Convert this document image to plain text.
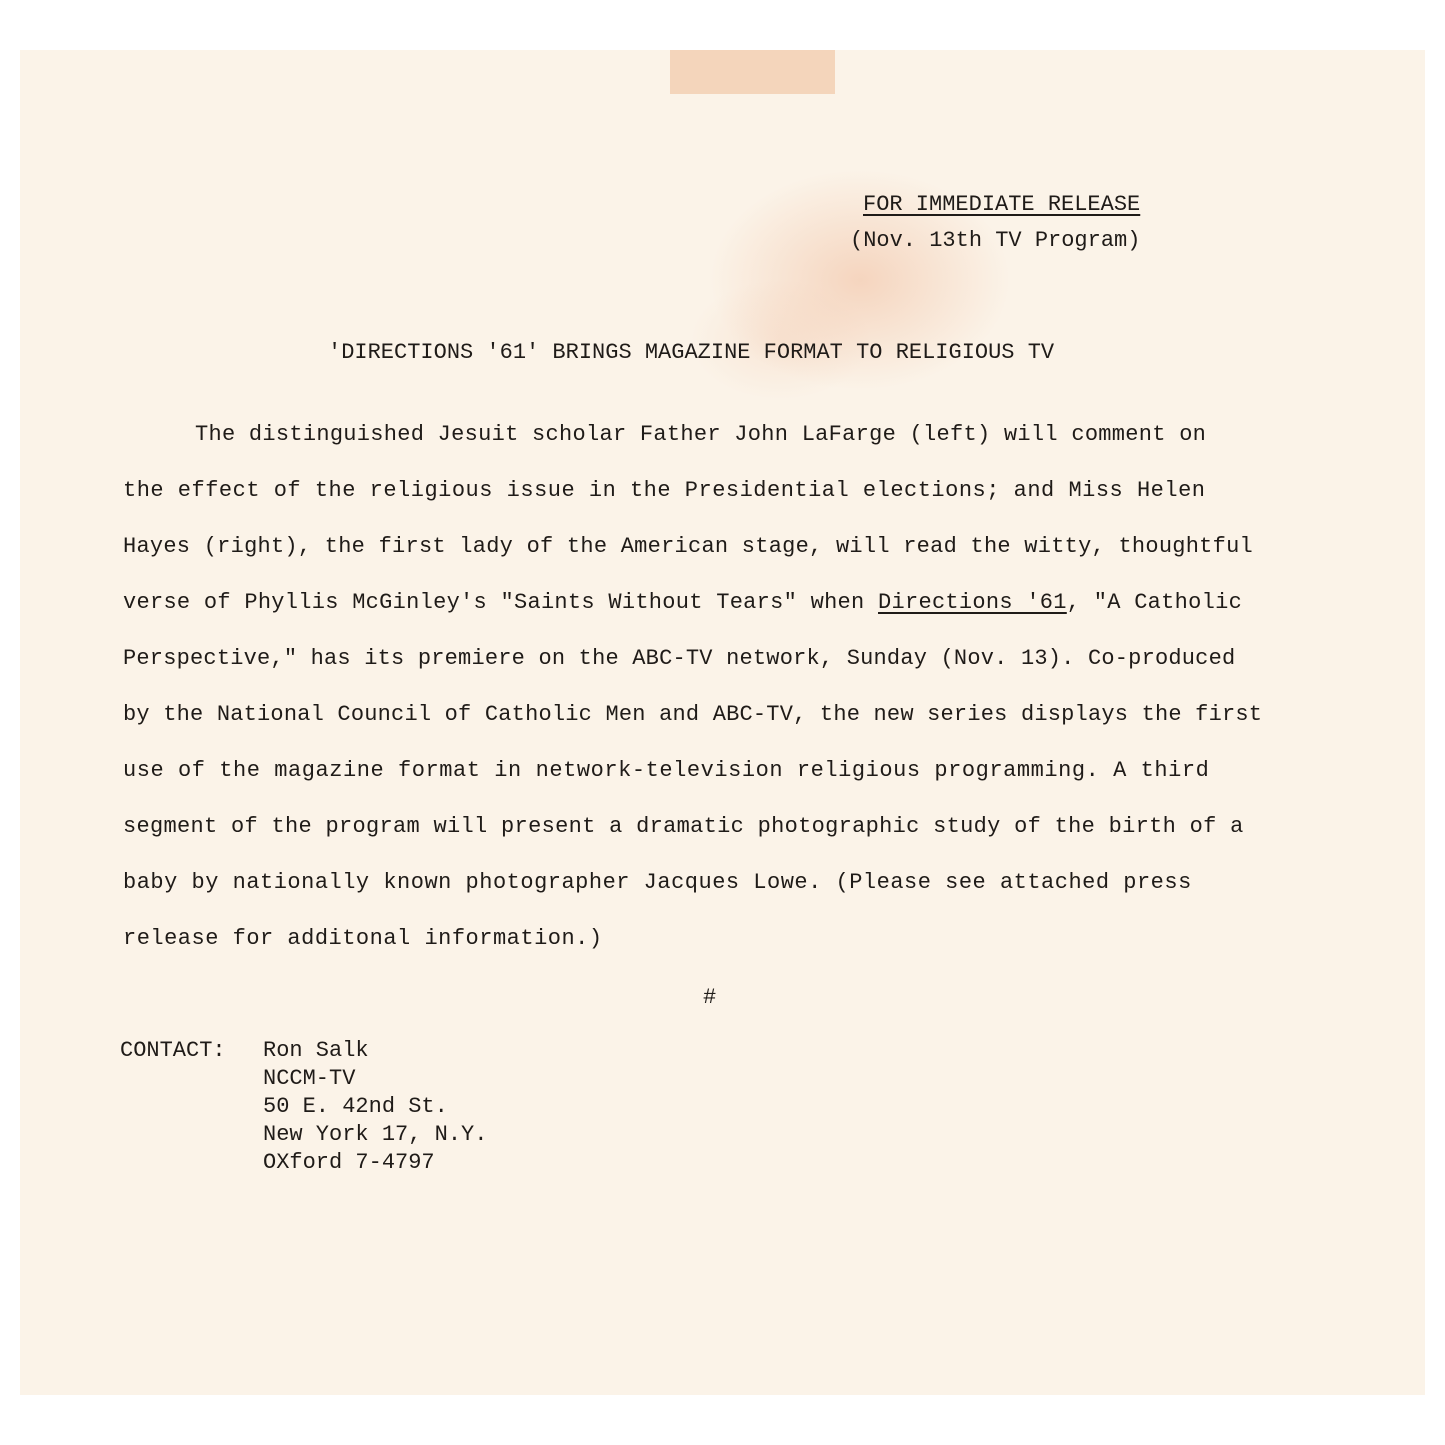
FOR IMMEDIATE RELEASE
(Nov. 13th TV Program)
'DIRECTIONS '61' BRINGS MAGAZINE FORMAT TO RELIGIOUS TV
The distinguished Jesuit scholar Father John LaFarge (left) will comment on
the effect of the religious issue in the Presidential elections; and Miss Helen
Hayes (right), the first lady of the American stage, will read the witty, thoughtful
verse of Phyllis McGinley's "Saints Without Tears" when Directions '61, "A Catholic
Perspective," has its premiere on the ABC-TV network, Sunday (Nov. 13). Co-produced
by the National Council of Catholic Men and ABC-TV, the new series displays the first
use of the magazine format in network-television religious programming. A third
segment of the program will present a dramatic photographic study of the birth of a
baby by nationally known photographer Jacques Lowe. (Please see attached press
release for additonal information.)
#
CONTACT: Ron Salk
NCCM-TV
50 E. 42nd St.
New York 17, N.Y.
OXford 7-4797
